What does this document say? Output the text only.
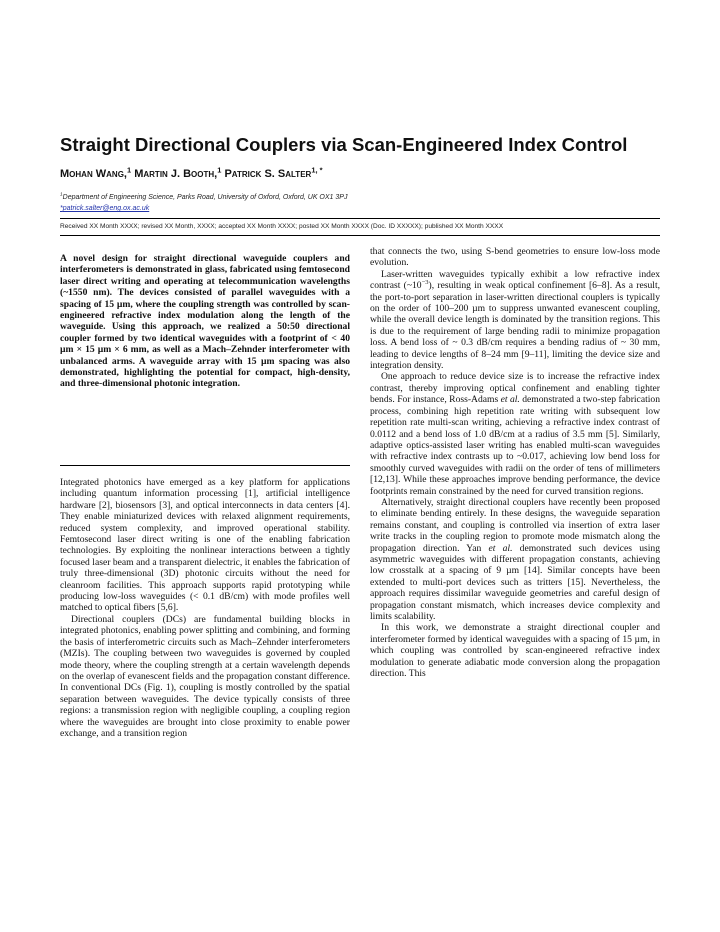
Straight Directional Couplers via Scan-Engineered Index Control
Mohan Wang,$^1$ Martin J. Booth,$^1$ Patrick S. Salter$^{1, *}$
$^1$Department of Engineering Science, Parks Road, University of Oxford, Oxford, UK OX1 3PJ
*patrick.salter@eng.ox.ac.uk
Received XX Month XXXX; revised XX Month, XXXX; accepted XX Month XXXX; posted XX Month XXXX (Doc. ID XXXXX); published XX Month XXXX

A novel design for straight directional waveguide couplers and interferometers is demonstrated in glass, fabricated using femtosecond laser direct writing and operating at telecommunication wavelengths (~1550 nm). The devices consisted of parallel waveguides with a spacing of 15 µm, where the coupling strength was controlled by scan-engineered refractive index modulation along the length of the waveguide. Using this approach, we realized a 50:50 directional coupler formed by two identical waveguides with a footprint of < 40 µm × 15 µm × 6 mm, as well as a Mach–Zehnder interferometer with unbalanced arms. A waveguide array with 15 µm spacing was also demonstrated, highlighting the potential for compact, high-density, and three-dimensional photonic integration.

Integrated photonics have emerged as a key platform for applications including quantum information processing [1], artificial intelligence hardware [2], biosensors [3], and optical interconnects in data centers [4]. They enable miniaturized devices with relaxed alignment requirements, reduced system complexity, and improved operational stability. Femtosecond laser direct writing is one of the enabling fabrication technologies. By exploiting the nonlinear interactions between a tightly focused laser beam and a transparent dielectric, it enables the fabrication of truly three-dimensional (3D) photonic circuits without the need for cleanroom facilities. This approach supports rapid prototyping while producing low-loss waveguides (< 0.1 dB/cm) with mode profiles well matched to optical fibers [5,6].

Directional couplers (DCs) are fundamental building blocks in integrated photonics, enabling power splitting and combining, and forming the basis of interferometric circuits such as Mach–Zehnder interferometers (MZIs). The coupling between two waveguides is governed by coupled mode theory, where the coupling strength at a certain wavelength depends on the overlap of evanescent fields and the propagation constant difference. In conventional DCs (Fig. 1), coupling is mostly controlled by the spatial separation between waveguides. The device typically consists of three regions: a transmission region with negligible coupling, a coupling region where the waveguides are brought into close proximity to enable power exchange, and a transition region

that connects the two, using S-bend geometries to ensure low-loss mode evolution.

Laser-written waveguides typically exhibit a low refractive index contrast $(\sim 10^{-3})$, resulting in weak optical confinement [6–8]. As a result, the port-to-port separation in laser-written directional couplers is typically on the order of 100–200 µm to suppress unwanted evanescent coupling, while the overall device length is dominated by the transition regions. This is due to the requirement of large bending radii to minimize propagation loss. A bend loss of ~ 0.3 dB/cm requires a bending radius of ~ 30 mm, leading to device lengths of 8–24 mm [9–11], limiting the device size and integration density.

One approach to reduce device size is to increase the refractive index contrast, thereby improving optical confinement and enabling tighter bends. For instance, Ross-Adams et al. demonstrated a two-step fabrication process, combining high repetition rate writing with subsequent low repetition rate multi-scan writing, achieving a refractive index contrast of 0.0112 and a bend loss of 1.0 dB/cm at a radius of 3.5 mm [5]. Similarly, adaptive optics-assisted laser writing has enabled multi-scan waveguides with refractive index contrasts up to ~0.017, achieving low bend loss for smoothly curved waveguides with radii on the order of tens of millimeters [12,13]. While these approaches improve bending performance, the device footprints remain constrained by the need for curved transition regions.

Alternatively, straight directional couplers have recently been proposed to eliminate bending entirely. In these designs, the waveguide separation remains constant, and coupling is controlled via insertion of extra laser write tracks in the coupling region to promote mode mismatch along the propagation direction. Yan et al. demonstrated such devices using asymmetric waveguides with different propagation constants, achieving low crosstalk at a spacing of 9 µm [14]. Similar concepts have been extended to multi-port devices such as tritters [15]. Nevertheless, the approach requires dissimilar waveguide geometries and careful design of propagation constant mismatch, which increases device complexity and limits scalability.

In this work, we demonstrate a straight directional coupler and interferometer formed by identical waveguides with a spacing of 15 µm, in which coupling was controlled by scan-engineered refractive index modulation to generate adiabatic mode conversion along the propagation direction. This
